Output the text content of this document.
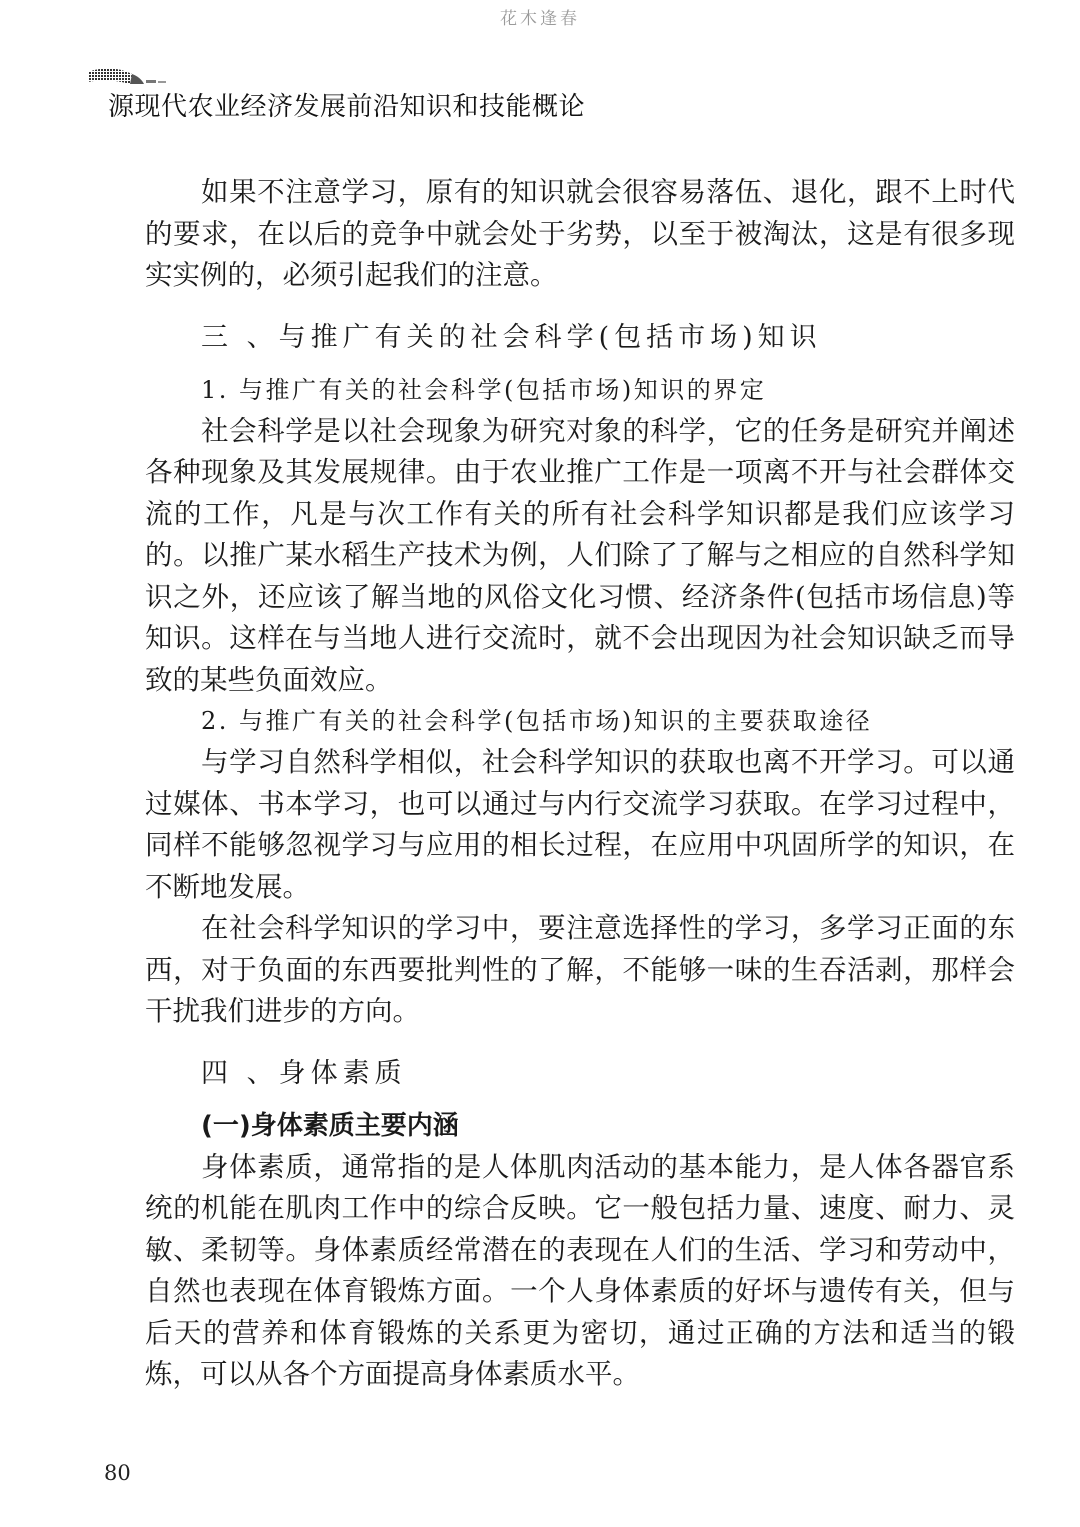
花木逢春
源现代农业经济发展前沿知识和技能概论

如果不注意学习，原有的知识就会很容易落伍、退化，跟不上时代的要求，在以后的竞争中就会处于劣势，以至于被淘汰，这是有很多现实实例的，必须引起我们的注意。

三 、与推广有关的社会科学(包括市场)知识
1. 与推广有关的社会科学(包括市场)知识的界定

社会科学是以社会现象为研究对象的科学，它的任务是研究并阐述各种现象及其发展规律。由于农业推广工作是一项离不开与社会群体交流的工作，凡是与次工作有关的所有社会科学知识都是我们应该学习的。以推广某水稻生产技术为例，人们除了了解与之相应的自然科学知识之外，还应该了解当地的风俗文化习惯、经济条件(包括市场信息)等知识。这样在与当地人进行交流时，就不会出现因为社会知识缺乏而导致的某些负面效应。

2. 与推广有关的社会科学(包括市场)知识的主要获取途径

与学习自然科学相似，社会科学知识的获取也离不开学习。可以通过媒体、书本学习，也可以通过与内行交流学习获取。在学习过程中，同样不能够忽视学习与应用的相长过程，在应用中巩固所学的知识，在不断地发展。

在社会科学知识的学习中，要注意选择性的学习，多学习正面的东西，对于负面的东西要批判性的了解，不能够一味的生吞活剥，那样会干扰我们进步的方向。

四 、身体素质
(一)身体素质主要内涵

身体素质，通常指的是人体肌肉活动的基本能力，是人体各器官系统的机能在肌肉工作中的综合反映。它一般包括力量、速度、耐力、灵敏、柔韧等。身体素质经常潜在的表现在人们的生活、学习和劳动中，自然也表现在体育锻炼方面。一个人身体素质的好坏与遗传有关，但与后天的营养和体育锻炼的关系更为密切，通过正确的方法和适当的锻炼，可以从各个方面提高身体素质水平。

80
